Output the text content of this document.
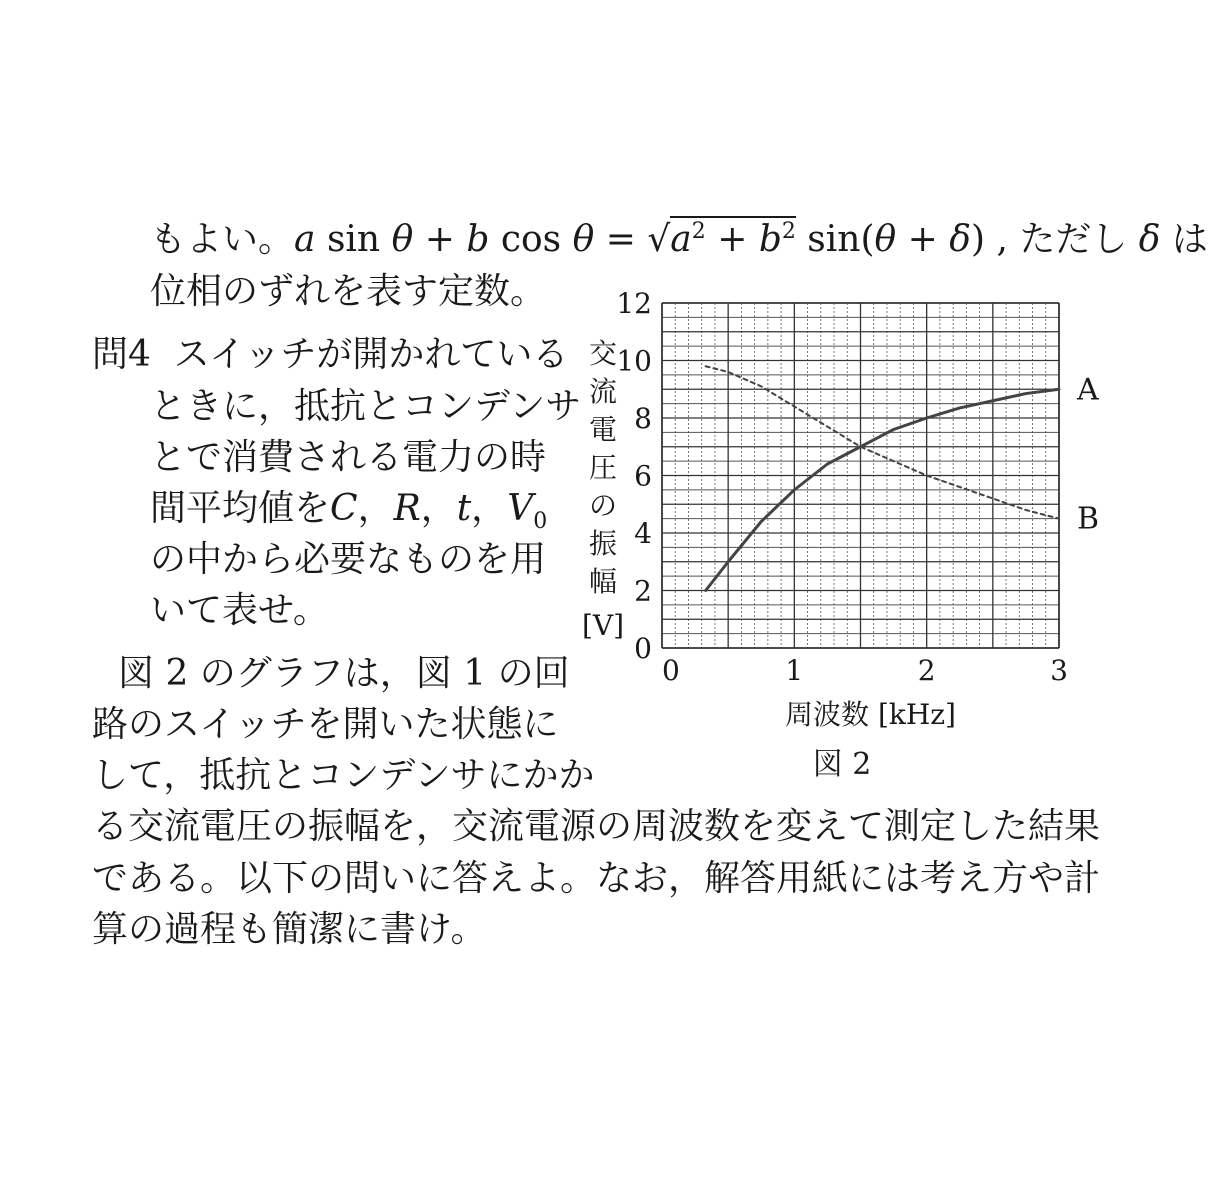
もよい。a sin θ + b $\cos \theta = √a^2 + b^2$ sin(θ + δ) , ただし δ は
位相のずれを表す定数。
問4 スイッチが開かれている
ときに，抵抗とコンデンサ
とで消費される電力の時
間平均値をC，R，t，$V_0$
の中から必要なものを用
いて表せ。
図 2 のグラフは，図 1 の回
路のスイッチを開いた状態に
して，抵抗とコンデンサにかか
る交流電圧の振幅を，交流電源の周波数を変えて測定した結果
である。以下の問いに答えよ。なお，解答用紙には考え方や計
算の過程も簡潔に書け。
0
2
4
6
8
10
12
0	1	2	3
A
B
交
流
電
圧
の
振
幅
[V]
周波数 [kHz]
図 2
